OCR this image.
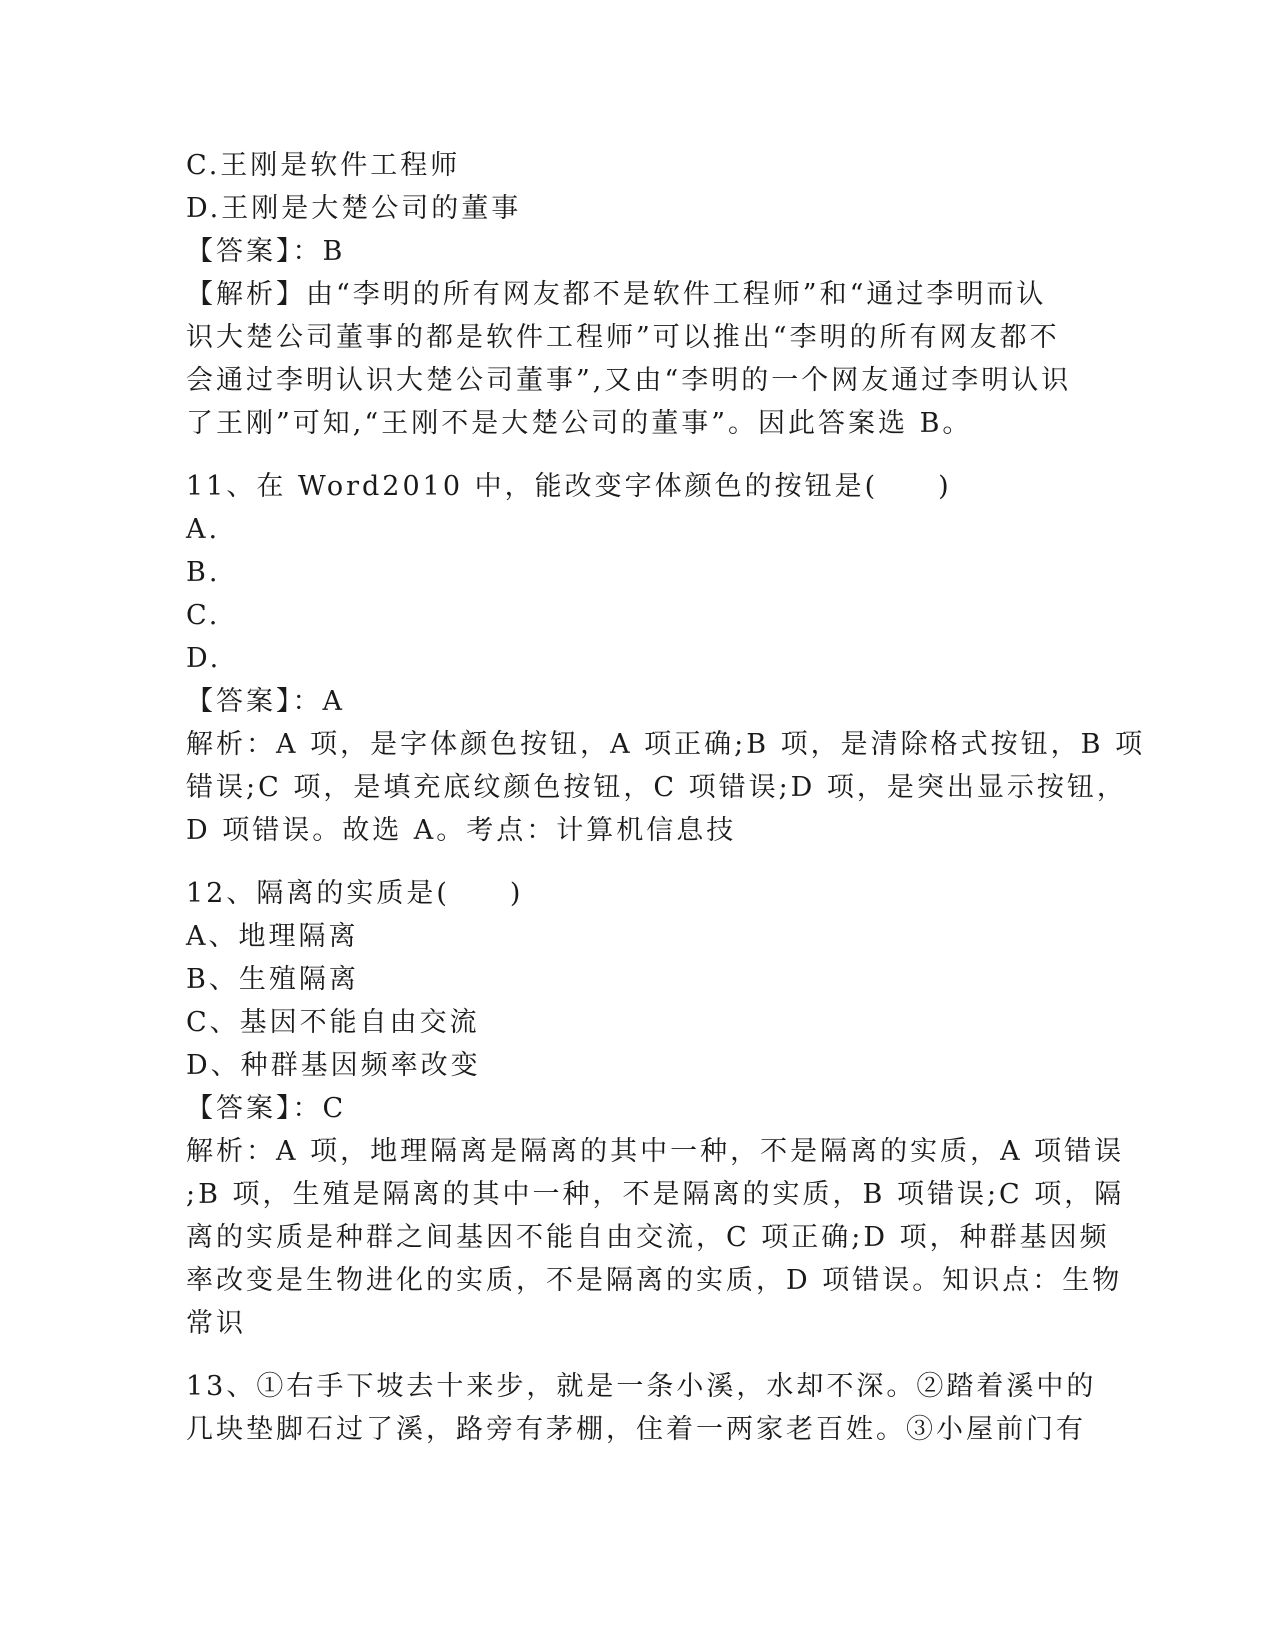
C.王刚是软件工程师
D.王刚是大楚公司的董事
【答案】：B
【解析】由“李明的所有网友都不是软件工程师”和“通过李明而认
识大楚公司董事的都是软件工程师”可以推出“李明的所有网友都不
会通过李明认识大楚公司董事”,又由“李明的一个网友通过李明认识
了王刚”可知,“王刚不是大楚公司的董事”。因此答案选 B。
11、在 Word2010 中，能改变字体颜色的按钮是(　　)
A.
B.
C.
D.
【答案】：A
解析：A 项，是字体颜色按钮，A 项正确;B 项，是清除格式按钮，B 项
错误;C 项，是填充底纹颜色按钮，C 项错误;D 项，是突出显示按钮，
D 项错误。故选 A。考点：计算机信息技
12、隔离的实质是(　　)
A、地理隔离
B、生殖隔离
C、基因不能自由交流
D、种群基因频率改变
【答案】：C
解析：A 项，地理隔离是隔离的其中一种，不是隔离的实质，A 项错误
;B 项，生殖是隔离的其中一种，不是隔离的实质，B 项错误;C 项，隔
离的实质是种群之间基因不能自由交流，C 项正确;D 项，种群基因频
率改变是生物进化的实质，不是隔离的实质，D 项错误。知识点：生物
常识
13、①右手下坡去十来步，就是一条小溪，水却不深。②踏着溪中的
几块垫脚石过了溪，路旁有茅棚，住着一两家老百姓。③小屋前门有
